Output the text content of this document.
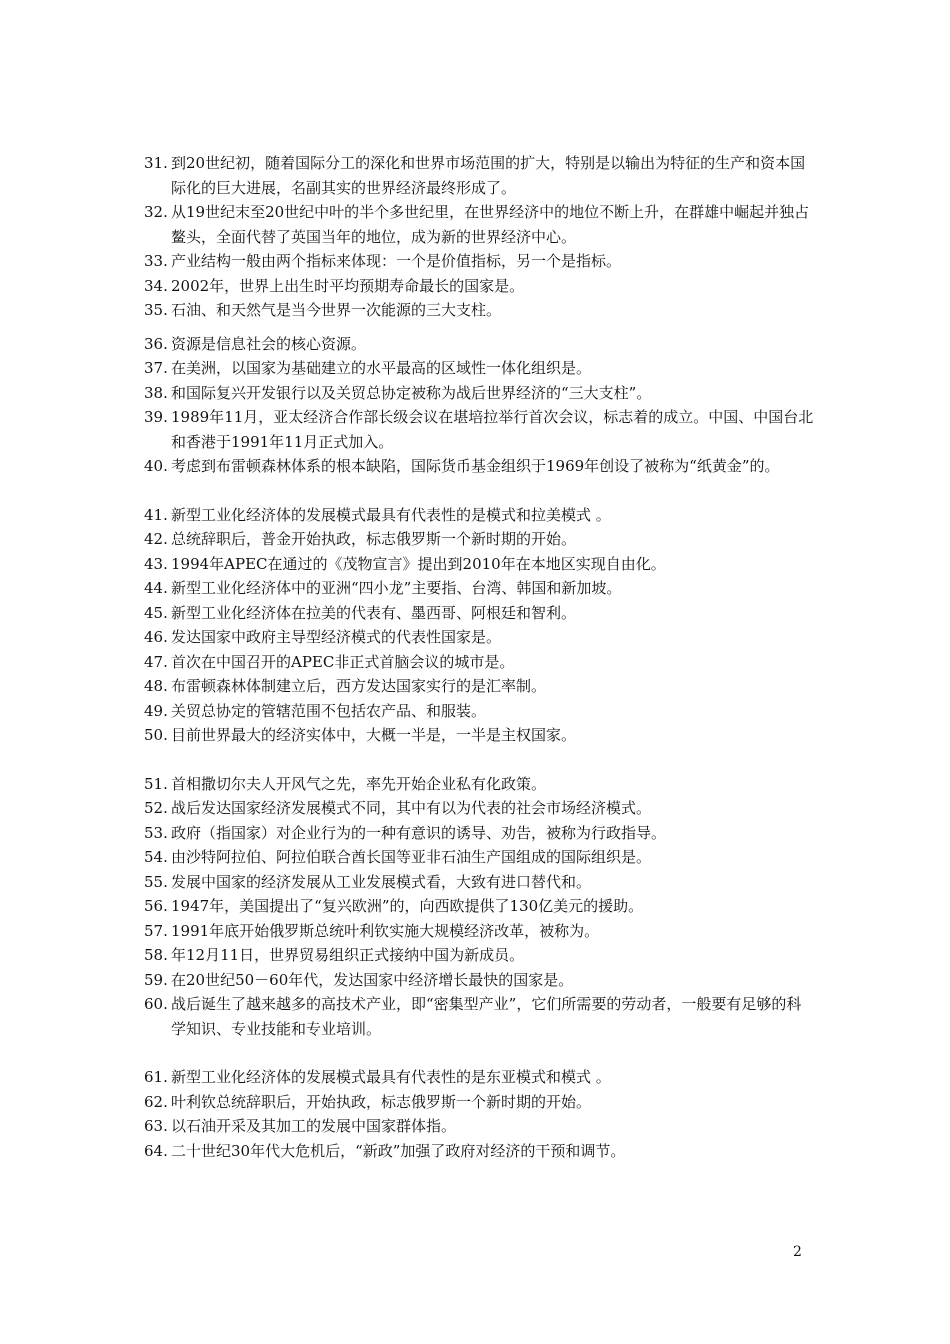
31. 到20世纪初，随着国际分工的深化和世界市场范围的扩大，特别是以输出为特征的生产和资本国际化的巨大进展，名副其实的世界经济最终形成了。
32. 从19世纪末至20世纪中叶的半个多世纪里，在世界经济中的地位不断上升，在群雄中崛起并独占鳌头，全面代替了英国当年的地位，成为新的世界经济中心。
33. 产业结构一般由两个指标来体现：一个是价值指标，另一个是指标。
34. 2002年，世界上出生时平均预期寿命最长的国家是。
35. 石油、和天然气是当今世界一次能源的三大支柱。
36. 资源是信息社会的核心资源。
37. 在美洲，以国家为基础建立的水平最高的区域性一体化组织是。
38. 和国际复兴开发银行以及关贸总协定被称为战后世界经济的“三大支柱”。
39. 1989年11月，亚太经济合作部长级会议在堪培拉举行首次会议，标志着的成立。中国、中国台北和香港于1991年11月正式加入。
40. 考虑到布雷顿森林体系的根本缺陷，国际货币基金组织于1969年创设了被称为“纸黄金”的。
41. 新型工业化经济体的发展模式最具有代表性的是模式和拉美模式 。
42. 总统辞职后，普金开始执政，标志俄罗斯一个新时期的开始。
43. 1994年APEC在通过的《茂物宣言》提出到2010年在本地区实现自由化。
44. 新型工业化经济体中的亚洲“四小龙”主要指、台湾、韩国和新加坡。
45. 新型工业化经济体在拉美的代表有、墨西哥、阿根廷和智利。
46. 发达国家中政府主导型经济模式的代表性国家是。
47. 首次在中国召开的APEC非正式首脑会议的城市是。
48. 布雷顿森林体制建立后，西方发达国家实行的是汇率制。
49. 关贸总协定的管辖范围不包括农产品、和服装。
50. 目前世界最大的经济实体中，大概一半是，一半是主权国家。
51. 首相撒切尔夫人开风气之先，率先开始企业私有化政策。
52. 战后发达国家经济发展模式不同，其中有以为代表的社会市场经济模式。
53. 政府（指国家）对企业行为的一种有意识的诱导、劝告，被称为行政指导。
54. 由沙特阿拉伯、阿拉伯联合酋长国等亚非石油生产国组成的国际组织是。
55. 发展中国家的经济发展从工业发展模式看，大致有进口替代和。
56. 1947年，美国提出了“复兴欧洲”的，向西欧提供了130亿美元的援助。
57. 1991年底开始俄罗斯总统叶利钦实施大规模经济改革，被称为。
58. 年12月11日，世界贸易组织正式接纳中国为新成员。
59. 在20世纪50－60年代，发达国家中经济增长最快的国家是。
60. 战后诞生了越来越多的高技术产业，即“密集型产业”，它们所需要的劳动者，一般要有足够的科学知识、专业技能和专业培训。
61. 新型工业化经济体的发展模式最具有代表性的是东亚模式和模式 。
62. 叶利钦总统辞职后，开始执政，标志俄罗斯一个新时期的开始。
63. 以石油开采及其加工的发展中国家群体指。
64. 二十世纪30年代大危机后，“新政”加强了政府对经济的干预和调节。
2
